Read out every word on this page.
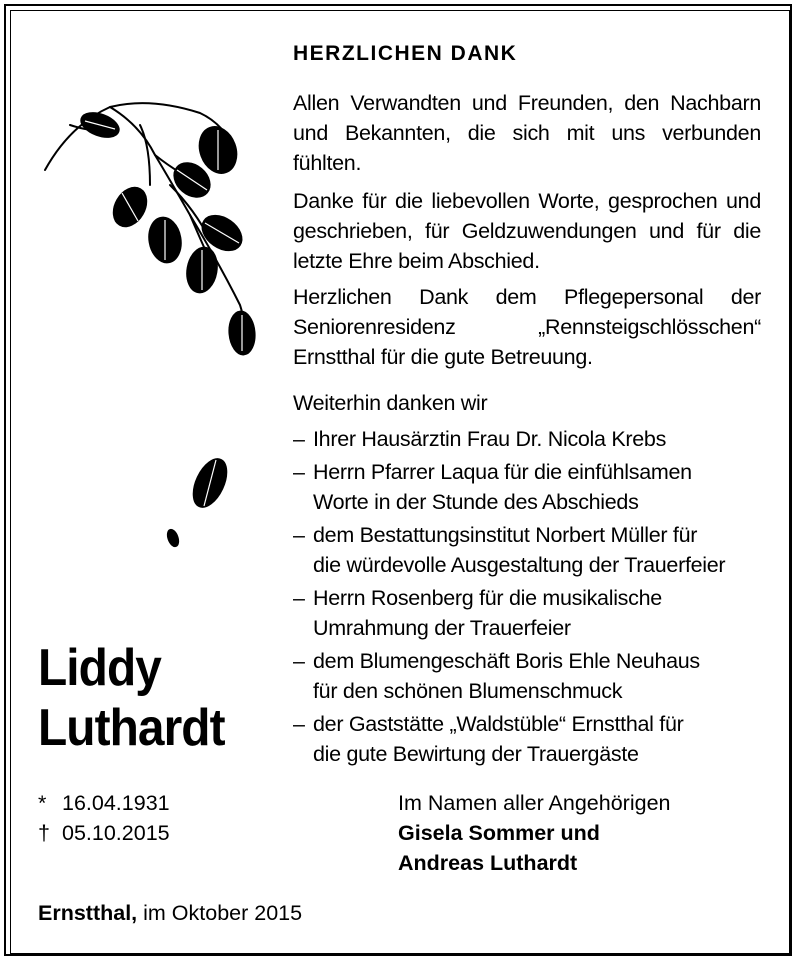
HERZLICHEN DANK

Allen Verwandten und Freunden, den Nachbarn und Bekannten, die sich mit uns verbunden fühlten.

Danke für die liebevollen Worte, gesprochen und geschrieben, für Geldzuwendungen und für die letzte Ehre beim Abschied.

Herzlichen Dank dem Pflegepersonal der Seniorenresidenz „Rennsteigschlösschen“ Ernstthal für die gute Betreuung.

Weiterhin danken wir
– Ihrer Hausärztin Frau Dr. Nicola Krebs
– Herrn Pfarrer Laqua für die einfühlsamen
Worte in der Stunde des Abschieds
– dem Bestattungsinstitut Norbert Müller für
die würdevolle Ausgestaltung der Trauerfeier
– Herrn Rosenberg für die musikalische
Umrahmung der Trauerfeier
– dem Blumengeschäft Boris Ehle Neuhaus
für den schönen Blumenschmuck
– der Gaststätte „Waldstüble“ Ernstthal für
die gute Bewirtung der Trauergäste
Liddy
Luthardt
* 16.04.1931
† 05.10.2015
Im Namen aller Angehörigen
Gisela Sommer und
Andreas Luthardt
Ernstthal, im Oktober 2015
